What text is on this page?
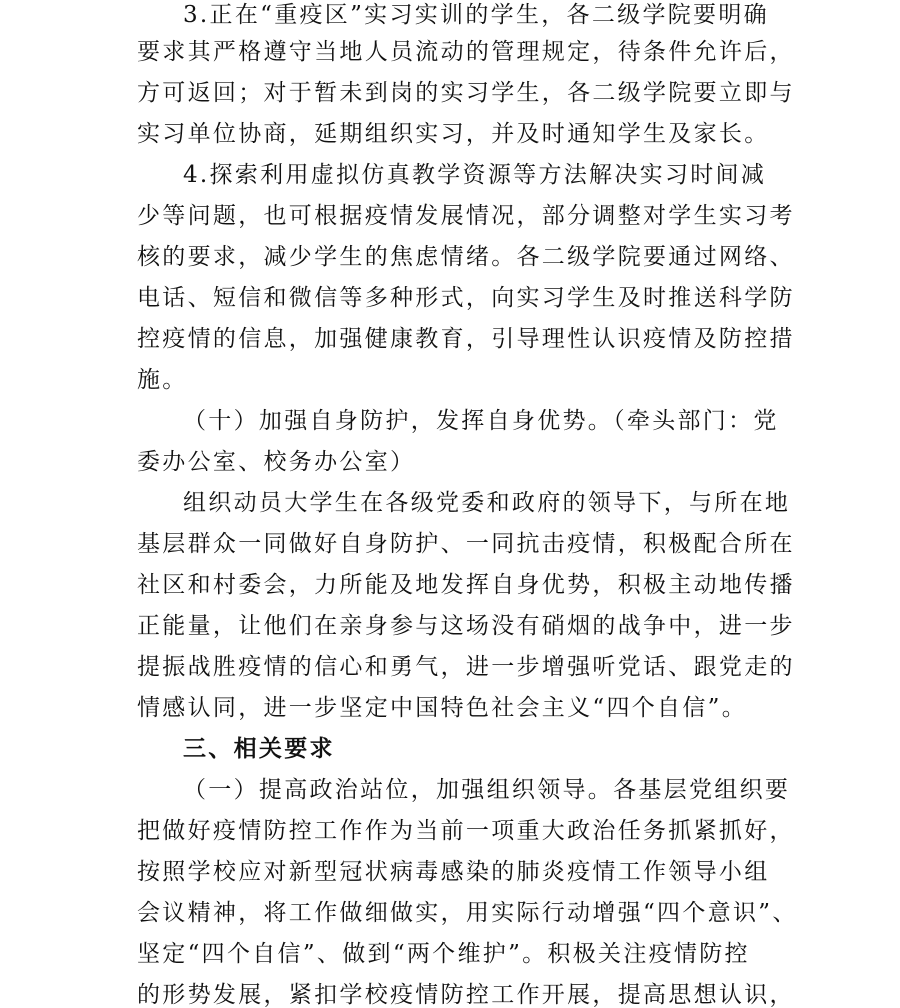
3.正在“重疫区”实习实训的学生，各二级学院要明确
要求其严格遵守当地人员流动的管理规定，待条件允许后，
方可返回；对于暂未到岗的实习学生，各二级学院要立即与
实习单位协商，延期组织实习，并及时通知学生及家长。
4.探索利用虚拟仿真教学资源等方法解决实习时间减
少等问题，也可根据疫情发展情况，部分调整对学生实习考
核的要求，减少学生的焦虑情绪。各二级学院要通过网络、
电话、短信和微信等多种形式，向实习学生及时推送科学防
控疫情的信息，加强健康教育，引导理性认识疫情及防控措
施。
（十）加强自身防护，发挥自身优势。（牵头部门：党
委办公室、校务办公室）
组织动员大学生在各级党委和政府的领导下，与所在地
基层群众一同做好自身防护、一同抗击疫情，积极配合所在
社区和村委会，力所能及地发挥自身优势，积极主动地传播
正能量，让他们在亲身参与这场没有硝烟的战争中，进一步
提振战胜疫情的信心和勇气，进一步增强听党话、跟党走的
情感认同，进一步坚定中国特色社会主义“四个自信”。
三、相关要求
（一）提高政治站位，加强组织领导。各基层党组织要
把做好疫情防控工作作为当前一项重大政治任务抓紧抓好，
按照学校应对新型冠状病毒感染的肺炎疫情工作领导小组
会议精神，将工作做细做实，用实际行动增强“四个意识”、
坚定“四个自信”、做到“两个维护”。积极关注疫情防控
的形势发展，紧扣学校疫情防控工作开展，提高思想认识，
